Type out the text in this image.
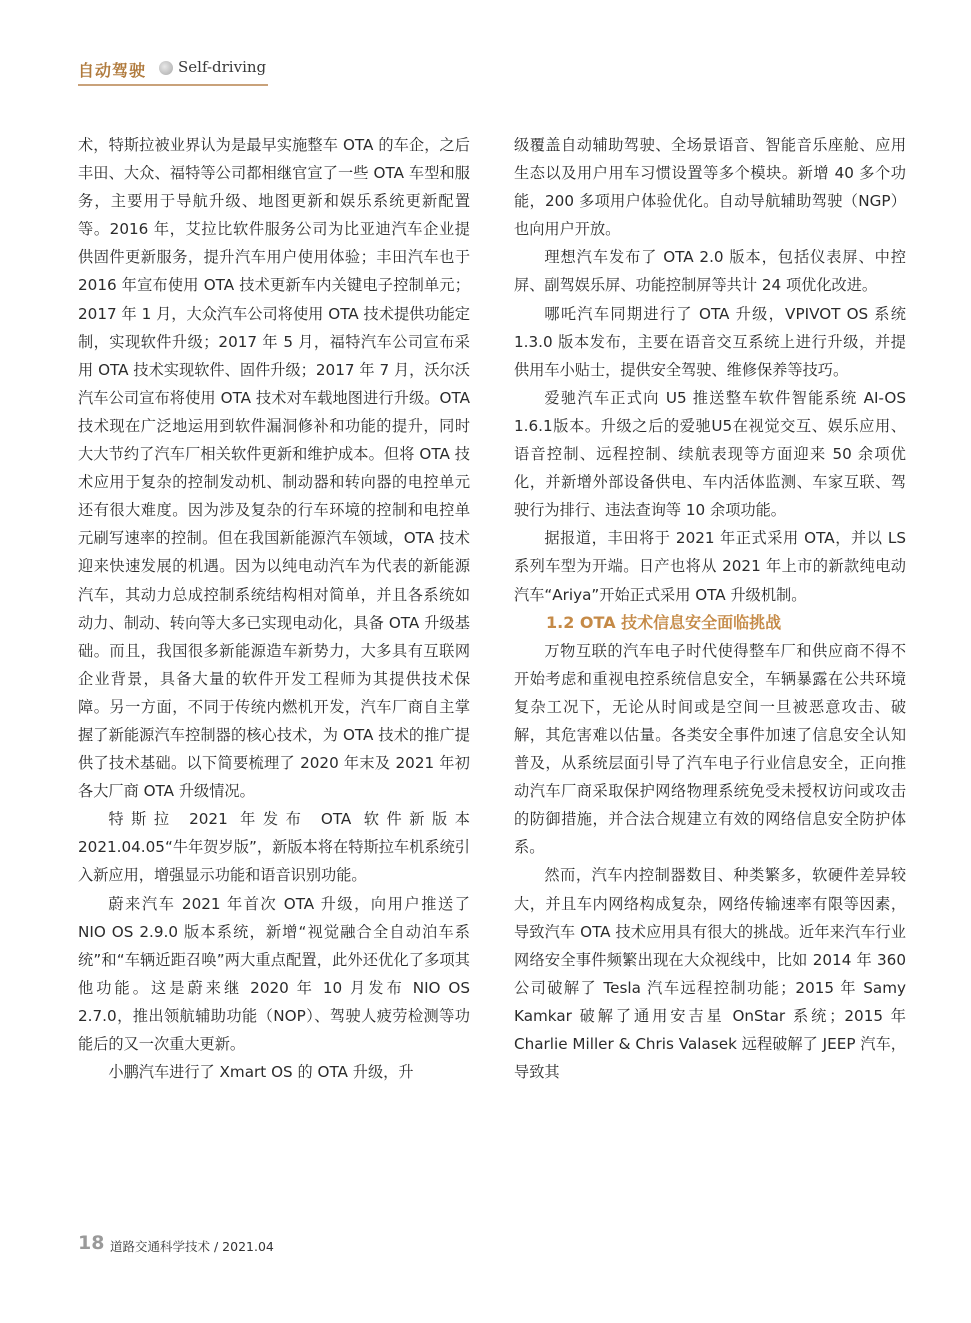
自动驾驶 Self-driving

术，特斯拉被业界认为是最早实施整车 OTA 的车企，之后丰田、大众、福特等公司都相继官宣了一些 OTA 车型和服务，主要用于导航升级、地图更新和娱乐系统更新配置等。2016 年，艾拉比软件服务公司为比亚迪汽车企业提供固件更新服务，提升汽车用户使用体验；丰田汽车也于 2016 年宣布使用 OTA 技术更新车内关键电子控制单元；2017 年 1 月，大众汽车公司将使用 OTA 技术提供功能定制，实现软件升级；2017 年 5 月，福特汽车公司宣布采用 OTA 技术实现软件、固件升级；2017 年 7 月，沃尔沃汽车公司宣布将使用 OTA 技术对车载地图进行升级。OTA 技术现在广泛地运用到软件漏洞修补和功能的提升，同时大大节约了汽车厂相关软件更新和维护成本。但将 OTA 技术应用于复杂的控制发动机、制动器和转向器的电控单元还有很大难度。因为涉及复杂的行车环境的控制和电控单元刷写速率的控制。但在我国新能源汽车领域，OTA 技术迎来快速发展的机遇。因为以纯电动汽车为代表的新能源汽车，其动力总成控制系统结构相对简单，并且各系统如动力、制动、转向等大多已实现电动化，具备 OTA 升级基础。而且，我国很多新能源造车新势力，大多具有互联网企业背景，具备大量的软件开发工程师为其提供技术保障。另一方面，不同于传统内燃机开发，汽车厂商自主掌握了新能源汽车控制器的核心技术，为 OTA 技术的推广提供了技术基础。以下简要梳理了 2020 年末及 2021 年初各大厂商 OTA 升级情况。

特斯拉 2021 年发布 OTA 软件新版本 2021.04.05“牛年贺岁版”，新版本将在特斯拉车机系统引入新应用，增强显示功能和语音识别功能。

蔚来汽车 2021 年首次 OTA 升级，向用户推送了 NIO OS 2.9.0 版本系统，新增“视觉融合全自动泊车系统”和“车辆近距召唤”两大重点配置，此外还优化了多项其他功能。这是蔚来继 2020 年 10 月发布 NIO OS 2.7.0，推出领航辅助功能（NOP）、驾驶人疲劳检测等功能后的又一次重大更新。

小鹏汽车进行了 Xmart OS 的 OTA 升级，升

级覆盖自动辅助驾驶、全场景语音、智能音乐座舱、应用生态以及用户用车习惯设置等多个模块。新增 40 多个功能，200 多项用户体验优化。自动导航辅助驾驶（NGP）也向用户开放。

理想汽车发布了 OTA 2.0 版本，包括仪表屏、中控屏、副驾娱乐屏、功能控制屏等共计 24 项优化改进。

哪吒汽车同期进行了 OTA 升级，VPIVOT OS 系统 1.3.0 版本发布，主要在语音交互系统上进行升级，并提供用车小贴士，提供安全驾驶、维修保养等技巧。

爱驰汽车正式向 U5 推送整车软件智能系统 AI-OS 1.6.1版本。升级之后的爱驰U5在视觉交互、娱乐应用、语音控制、远程控制、续航表现等方面迎来 50 余项优化，并新增外部设备供电、车内活体监测、车家互联、驾驶行为排行、违法查询等 10 余项功能。

据报道，丰田将于 2021 年正式采用 OTA，并以 LS 系列车型为开端。日产也将从 2021 年上市的新款纯电动汽车“Ariya”开始正式采用 OTA 升级机制。

1.2 OTA 技术信息安全面临挑战

万物互联的汽车电子时代使得整车厂和供应商不得不开始考虑和重视电控系统信息安全，车辆暴露在公共环境复杂工况下，无论从时间或是空间一旦被恶意攻击、破解，其危害难以估量。各类安全事件加速了信息安全认知普及，从系统层面引导了汽车电子行业信息安全，正向推动汽车厂商采取保护网络物理系统免受未授权访问或攻击的防御措施，并合法合规建立有效的网络信息安全防护体系。

然而，汽车内控制器数目、种类繁多，软硬件差异较大，并且车内网络构成复杂，网络传输速率有限等因素，导致汽车 OTA 技术应用具有很大的挑战。近年来汽车行业网络安全事件频繁出现在大众视线中，比如 2014 年 360 公司破解了 Tesla 汽车远程控制功能；2015 年 Samy Kamkar 破解了通用安吉星 OnStar 系统；2015 年 Charlie Miller & Chris Valasek 远程破解了 JEEP 汽车，导致其

18 道路交通科学技术 / 2021.04
